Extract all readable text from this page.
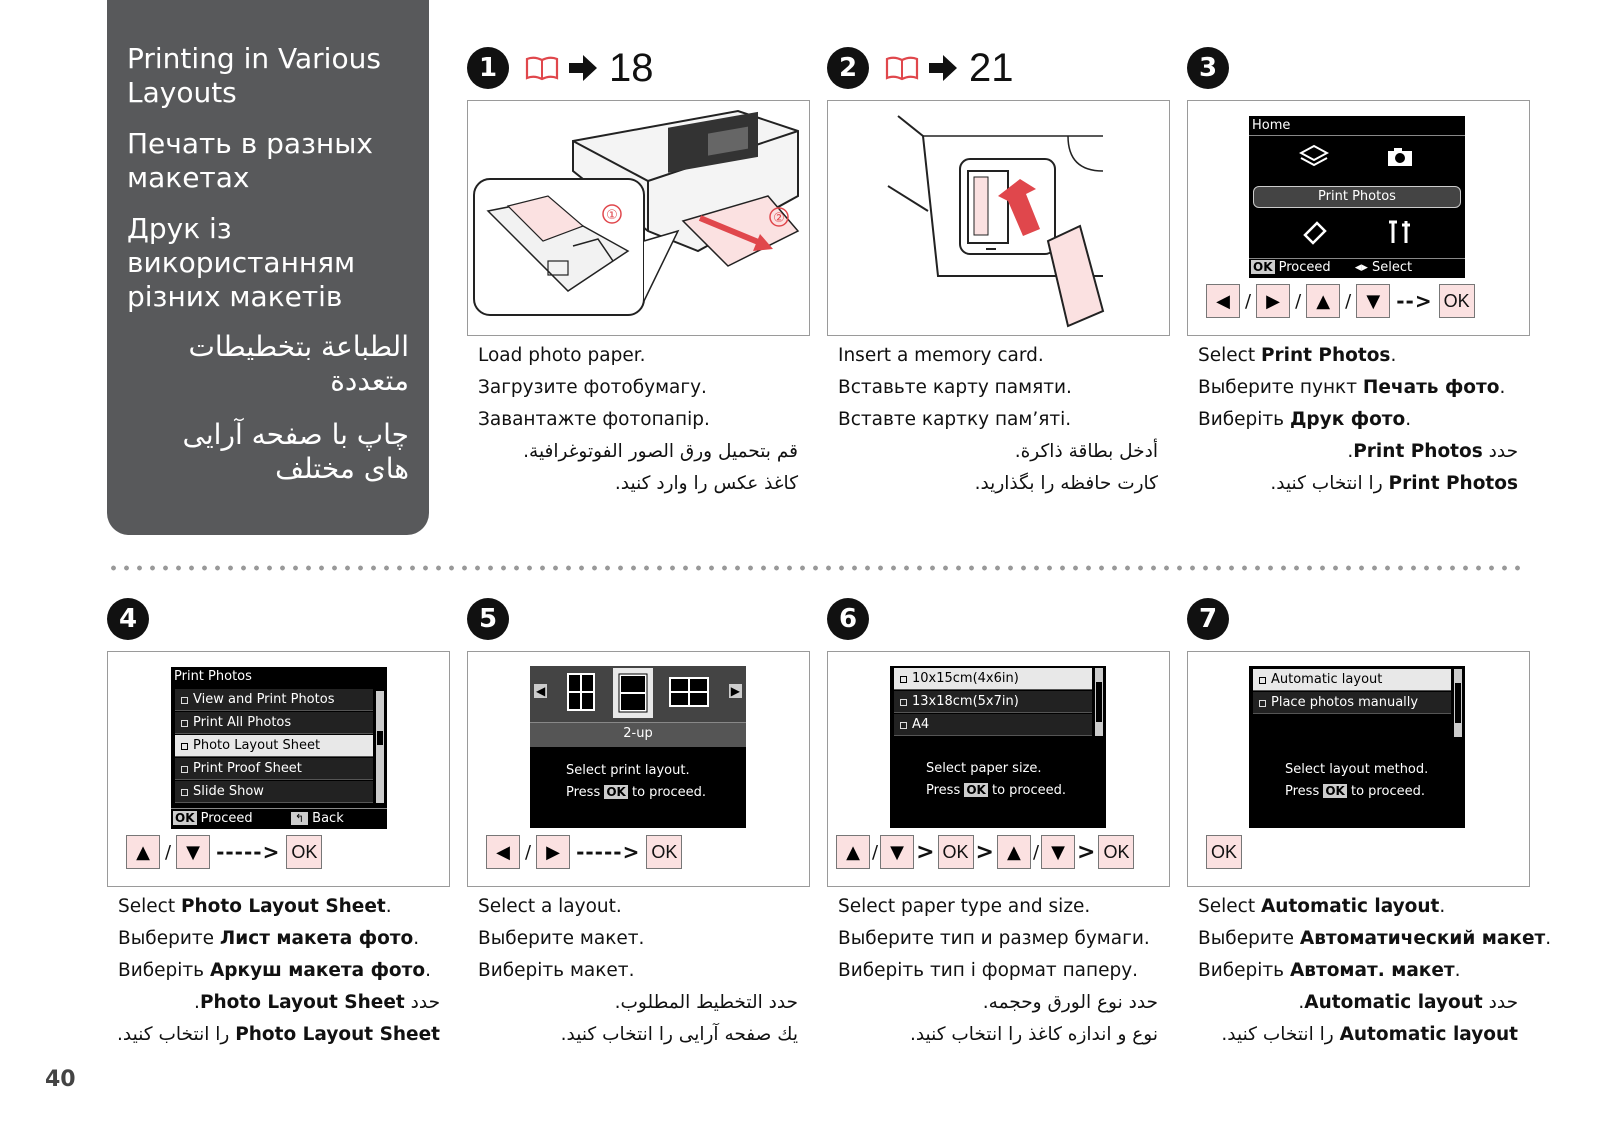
Printing in Various
Layouts
Печать в разных
макетах
Друк із
використанням
різних макетів
الطباعة بتخطيطات
متعددة
چاپ با صفحه آرایی
های مختلف
1	18
②
①
Load photo paper.
Загрузите фотобумагу.
Завантажте фотопапір.
قم بتحميل ورق الصور الفوتوغرافية.
کاغذ عکس را وارد کنید.
2	21
Insert a memory card.
Вставьте карту памяти.
Вставте картку пам’яті.
أدخل بطاقة ذاكرة.
کارت حافظه را بگذارید.
3
Home
Print Photos
OK Proceed ◂▸ Select
◀ / ▶ / ▲ / ▼ --> OK
Select Print Photos.
Выберите пункт Печать фото.
Виберіть Друк фото.
حدد Print Photos.
Print Photos را انتخاب کنید.
4
Print Photos
View and Print Photos
Print All Photos
Photo Layout Sheet
Print Proof Sheet
Slide Show
OK Proceed	↰ Back
▲ / ▼ -----> OK
Select Photo Layout Sheet.
Выберите Лист макета фото.
Виберіть Аркуш макета фото.
حدد Photo Layout Sheet.
Photo Layout Sheet را انتخاب کنید.
5
◀	▶
2-up
Select print layout.
Press OK to proceed.
◀ / ▶ -----> OK
Select a layout.
Выберите макет.
Виберіть макет.
حدد التخطيط المطلوب.
یك صفحه آرایی را انتخاب کنید.
6
10x15cm(4x6in)
13x18cm(5x7in)
A4
Select paper size.
Press OK to proceed.
▲ / ▼ > OK > ▲ / ▼ > OK
Select paper type and size.
Выберите тип и размер бумаги.
Виберіть тип і формат паперу.
حدد نوع الورق وحجمه.
نوع و اندازه کاغذ را انتخاب کنید.
7
Automatic layout
Place photos manually
Select layout method.
Press OK to proceed.
OK
Select Automatic layout.
Выберите Автоматический макет.
Виберіть Автомат. макет.
حدد Automatic layout.
Automatic layout را انتخاب کنید.
40
